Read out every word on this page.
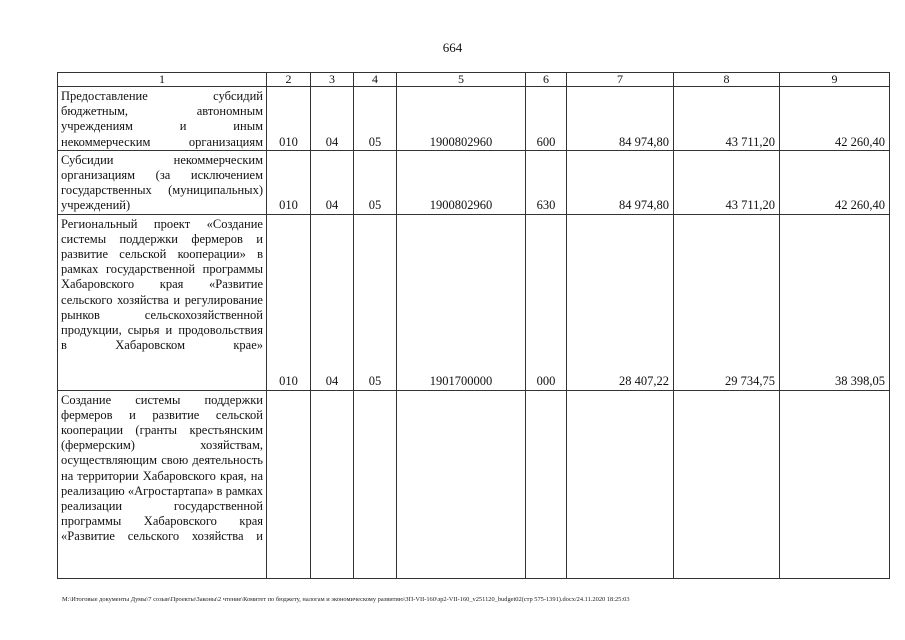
664
1	2	3	4	5	6	7	8	9
Предоставление субсидий бюджетным, автономным учреждениям и иным некоммерческим организациям	010	04	05	1900802960	600	84 974,80	43 711,20	42 260,40
Субсидии некоммерческим организациям (за исключением государственных (муниципальных) учреждений)	010	04	05	1900802960	630	84 974,80	43 711,20	42 260,40
Региональный проект «Создание системы поддержки фермеров и развитие сельской кооперации» в рамках государственной программы Хабаровского края «Развитие сельского хозяйства и регулирование рынков сельскохозяйственной продукции, сырья и продовольствия в Хабаровском крае»	010	04	05	1901700000	000	28 407,22	29 734,75	38 398,05
Создание системы поддержки фермеров и развитие сельской кооперации (гранты крестьянским (фермерским) хозяйствам, осуществляющим свою деятельность на территории Хабаровского края, на реализацию «Агростартапа» в рамках реализации государственной программы Хабаровского края «Развитие сельского хозяйства и								
M:\Итоговые документы Думы\7 созыв\Проекты\Законы\2 чтение\Комитет по бюджету, налогам и экономическому развитию\ЗП-VII-160\зр2-VII-160_v251120_budget02(стр 575-1391).docx/24.11.2020 18:25:03
